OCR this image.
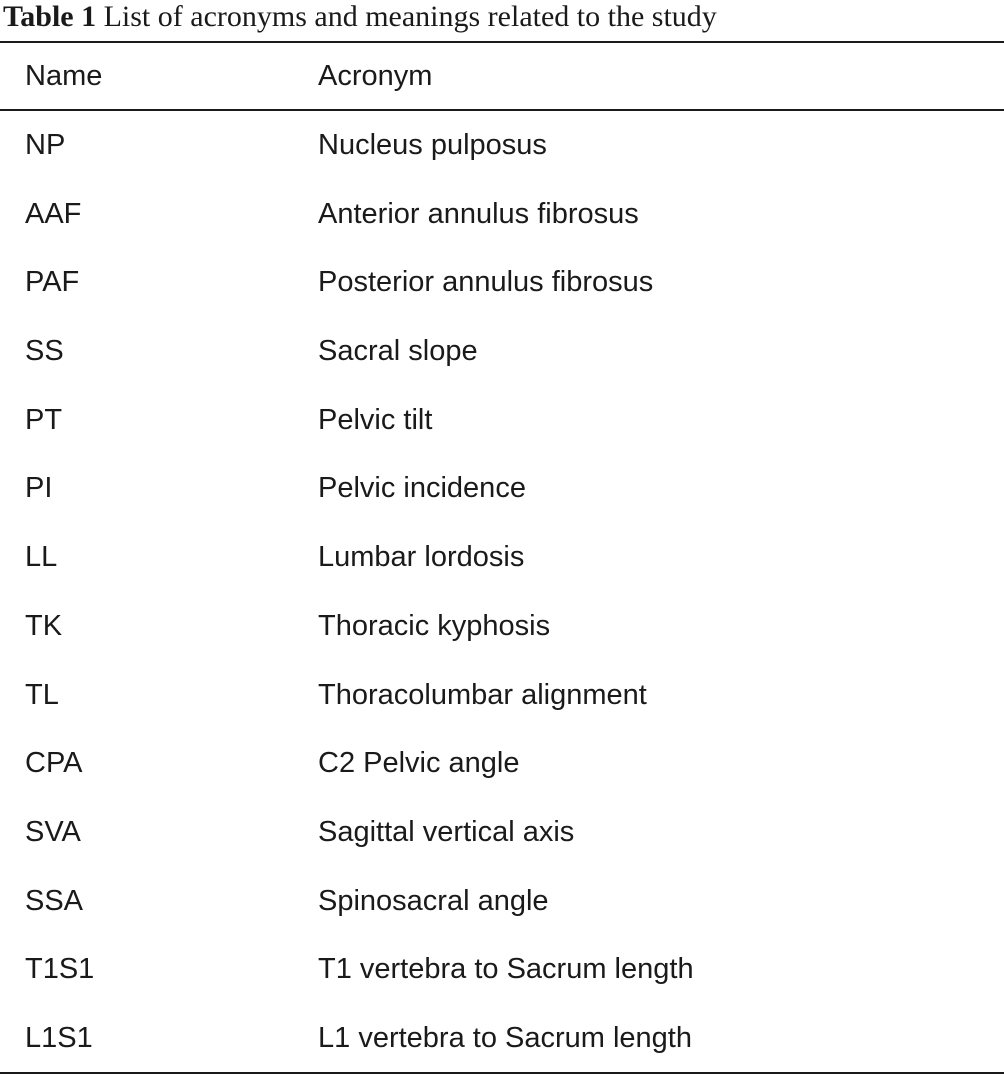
Table 1 List of acronyms and meanings related to the study
Name	Acronym
NP	Nucleus pulposus
AAF	Anterior annulus fibrosus
PAF	Posterior annulus fibrosus
SS	Sacral slope
PT	Pelvic tilt
PI	Pelvic incidence
LL	Lumbar lordosis
TK	Thoracic kyphosis
TL	Thoracolumbar alignment
CPA	C2 Pelvic angle
SVA	Sagittal vertical axis
SSA	Spinosacral angle
T1S1	T1 vertebra to Sacrum length
L1S1	L1 vertebra to Sacrum length
